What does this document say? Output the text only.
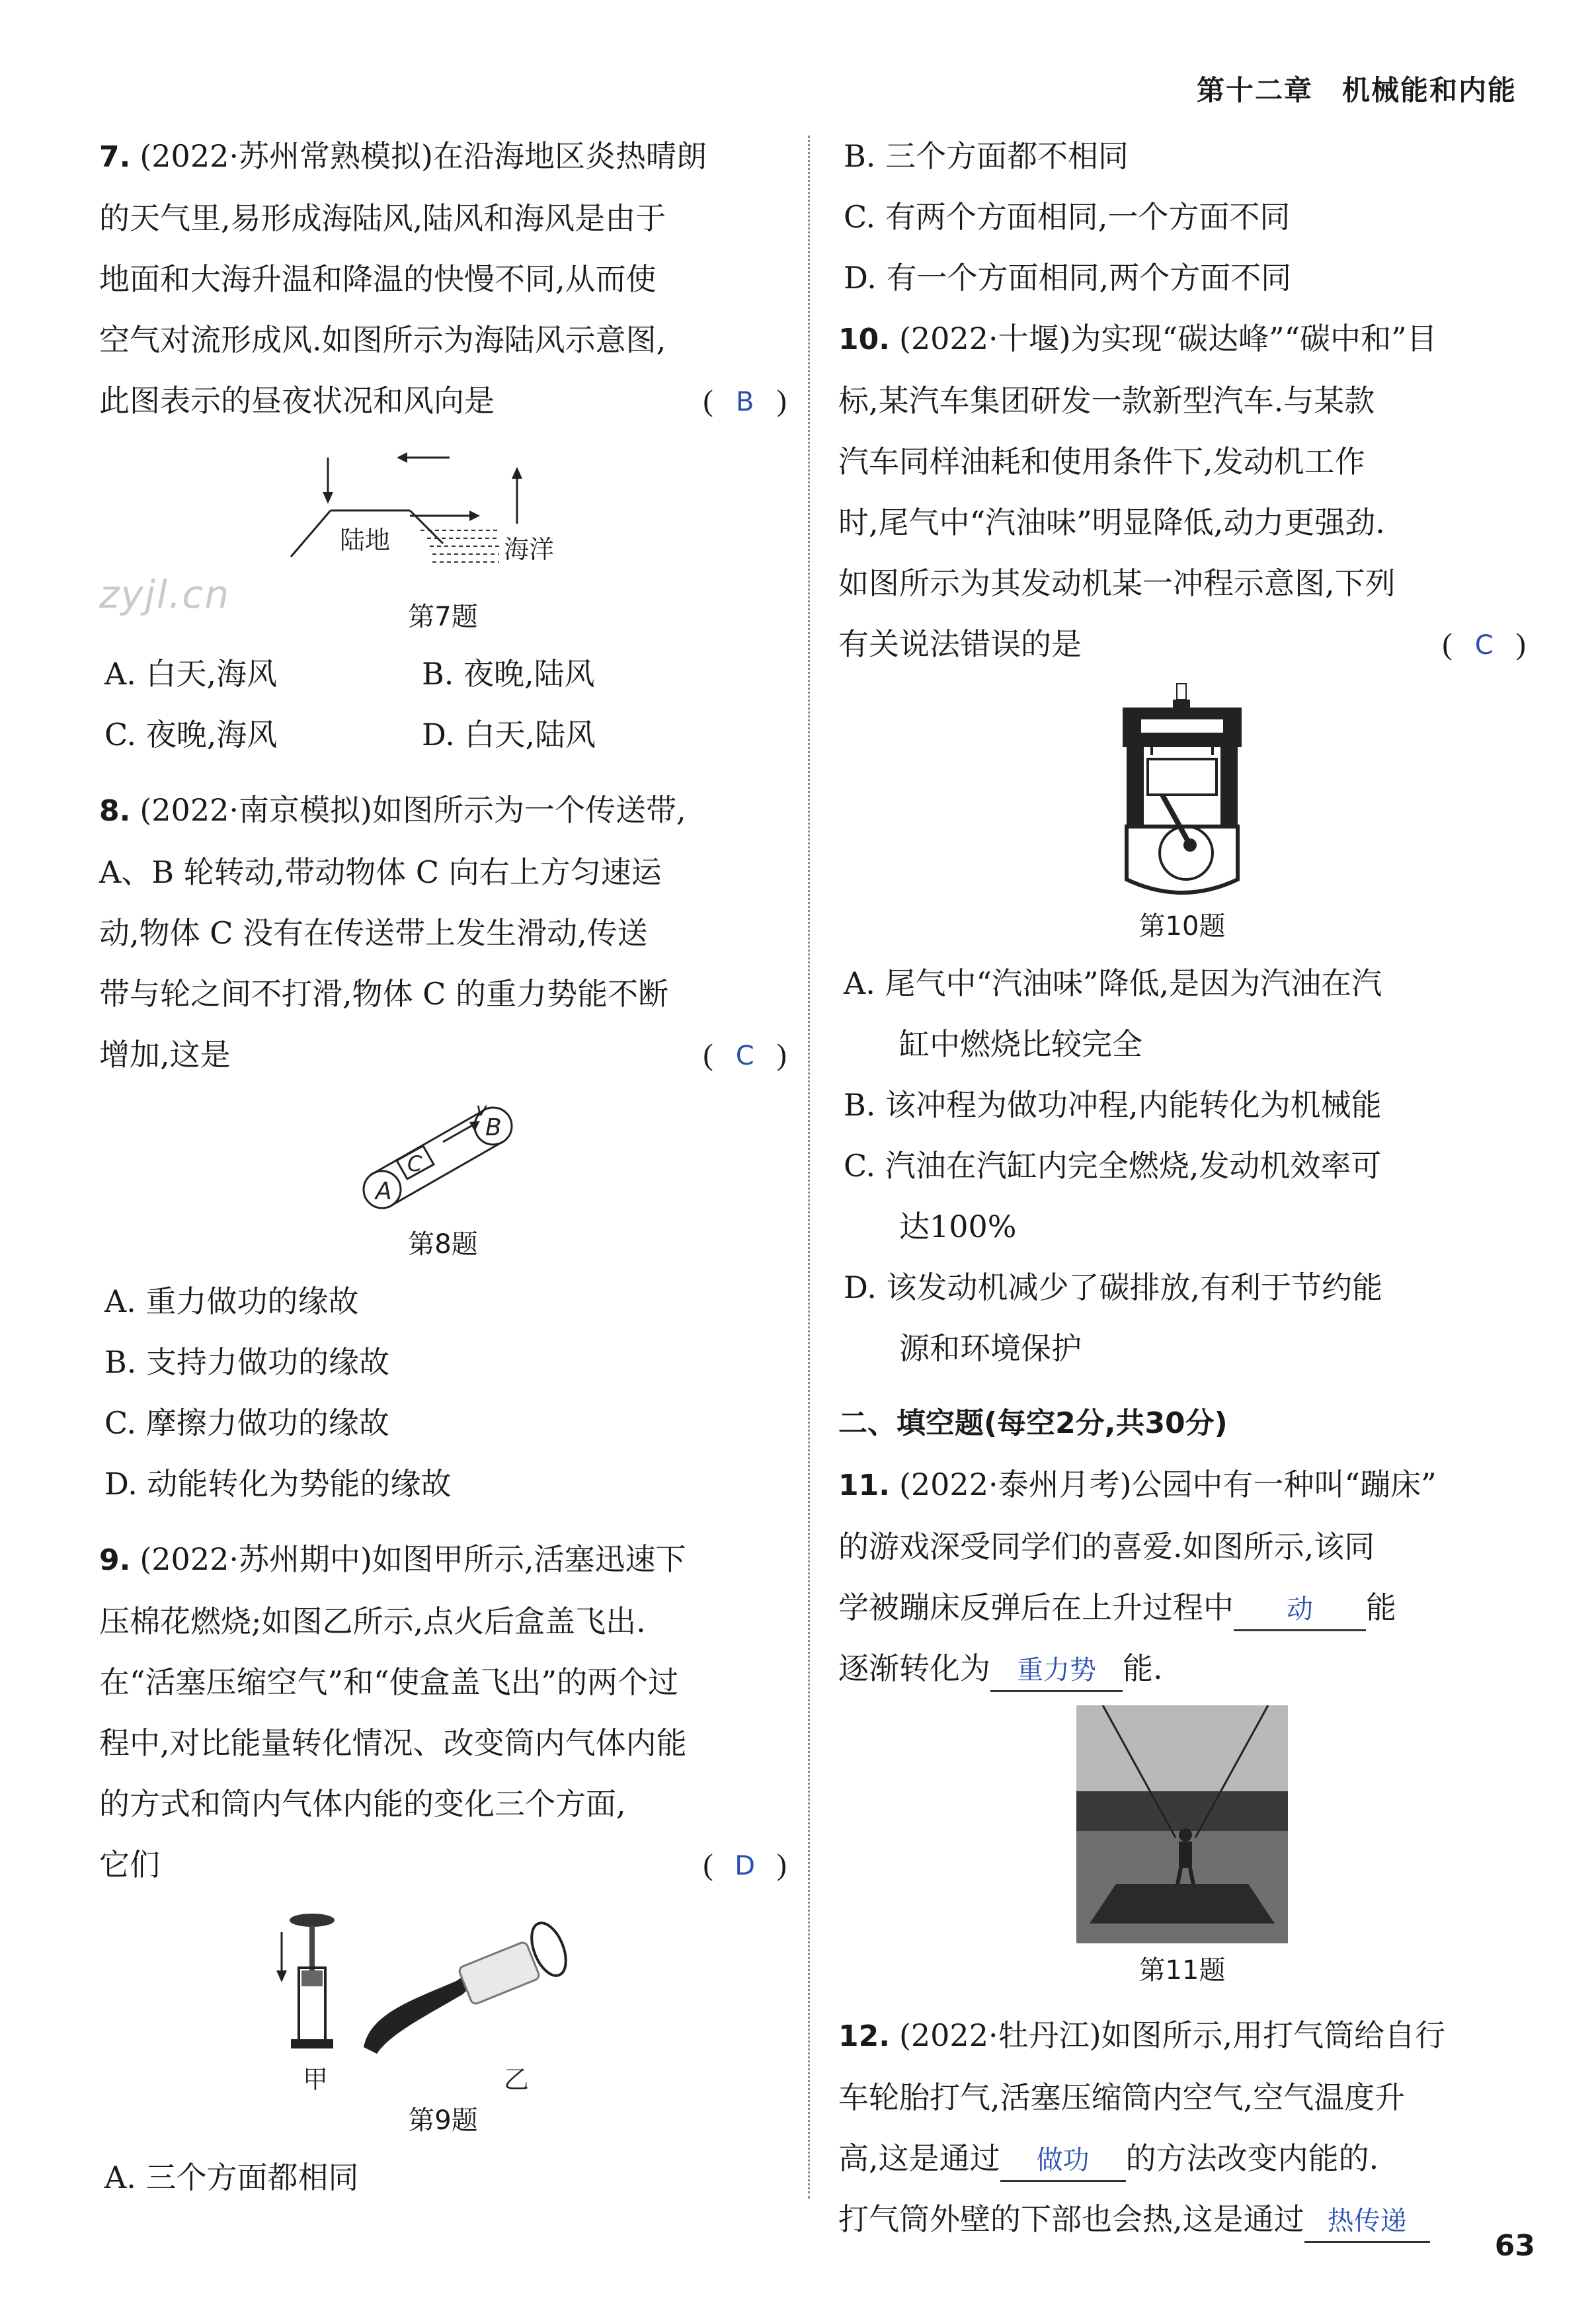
第十二章　机械能和内能
zyjl.cn
7. (2022·苏州常熟模拟)在沿海地区炎热晴朗
的天气里,易形成海陆风,陆风和海风是由于
地面和大海升温和降温的快慢不同,从而使
空气对流形成风.如图所示为海陆风示意图,
此图表示的昼夜状况和风向是	( B )
陆地	海洋
第7题
A. 白天,海风	B. 夜晚,陆风
C. 夜晚,海风	D. 白天,陆风
8. (2022·南京模拟)如图所示为一个传送带,
A、B 轮转动,带动物体 C 向右上方匀速运
动,物体 C 没有在传送带上发生滑动,传送
带与轮之间不打滑,物体 C 的重力势能不断
增加,这是	( C )
A
B
C
v
第8题
A. 重力做功的缘故
B. 支持力做功的缘故
C. 摩擦力做功的缘故
D. 动能转化为势能的缘故
9. (2022·苏州期中)如图甲所示,活塞迅速下
压棉花燃烧;如图乙所示,点火后盒盖飞出.
在“活塞压缩空气”和“使盒盖飞出”的两个过
程中,对比能量转化情况、改变筒内气体内能
的方式和筒内气体内能的变化三个方面,
它们	( D )
甲	乙
第9题
A. 三个方面都相同
B. 三个方面都不相同
C. 有两个方面相同,一个方面不同
D. 有一个方面相同,两个方面不同
10. (2022·十堰)为实现“碳达峰”“碳中和”目
标,某汽车集团研发一款新型汽车.与某款
汽车同样油耗和使用条件下,发动机工作
时,尾气中“汽油味”明显降低,动力更强劲.
如图所示为其发动机某一冲程示意图,下列
有关说法错误的是	( C )
第10题
A. 尾气中“汽油味”降低,是因为汽油在汽
缸中燃烧比较完全
B. 该冲程为做功冲程,内能转化为机械能
C. 汽油在汽缸内完全燃烧,发动机效率可
达100%
D. 该发动机减少了碳排放,有利于节约能
源和环境保护
二、填空题(每空2分,共30分)
11. (2022·泰州月考)公园中有一种叫“蹦床”
的游戏深受同学们的喜爱.如图所示,该同
学被蹦床反弹后在上升过程中 动 能
逐渐转化为 重力势 能.
第11题
12. (2022·牡丹江)如图所示,用打气筒给自行
车轮胎打气,活塞压缩筒内空气,空气温度升
高,这是通过 做功 的方法改变内能的.
打气筒外壁的下部也会热,这是通过 热传递
63
